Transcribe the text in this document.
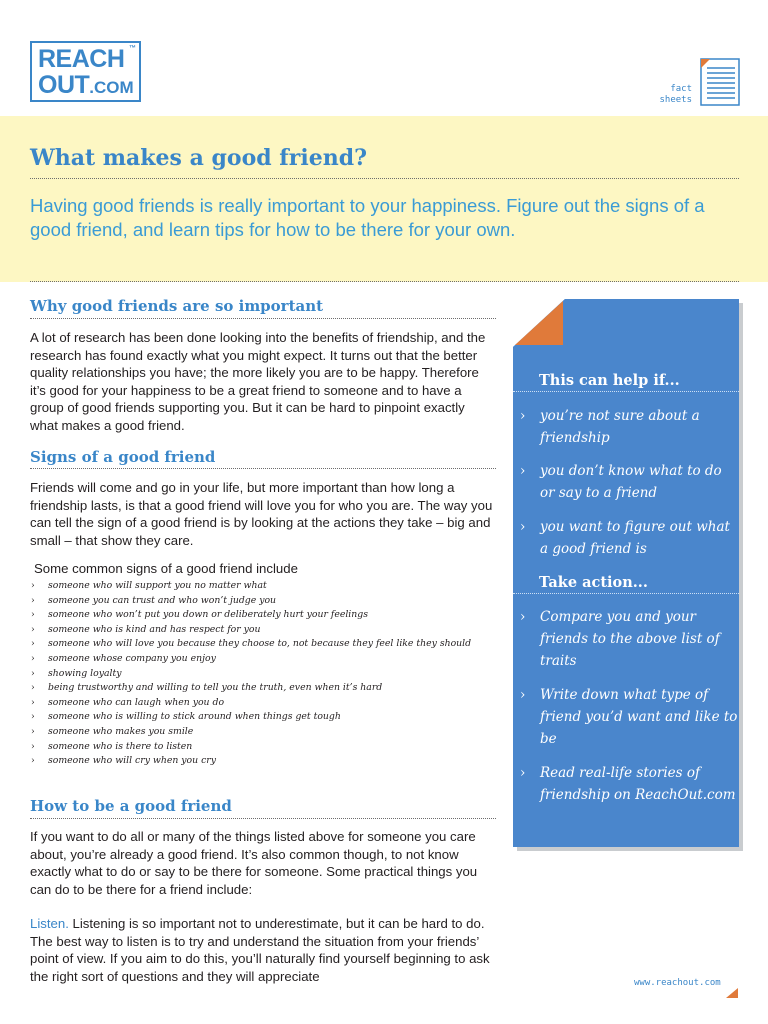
REACH ™
OUT.COM	fact
sheets
What makes a good friend?

Having good friends is really important to your happiness. Figure out the signs of a good friend, and learn tips for how to be there for your own.

Why good friends are so important

A lot of research has been done looking into the benefits of friendship, and the research has found exactly what you might expect. It turns out that the better quality relationships you have; the more likely you are to be happy. Therefore it’s good for your happiness to be a great friend to someone and to have a group of good friends supporting you. But it can be hard to pinpoint exactly what makes a good friend.

Signs of a good friend

Friends will come and go in your life, but more important than how long a friendship lasts, is that a good friend will love you for who you are. The way you can tell the sign of a good friend is by looking at the actions they take – big and small – that show they care.

Some common signs of a good friend include

› someone who will support you no matter what
› someone you can trust and who won’t judge you
› someone who won’t put you down or deliberately hurt your feelings
› someone who is kind and has respect for you
› someone who will love you because they choose to, not because they feel like they should
› someone whose company you enjoy
› showing loyalty
› being trustworthy and willing to tell you the truth, even when it’s hard
› someone who can laugh when you do
› someone who is willing to stick around when things get tough
› someone who makes you smile
› someone who is there to listen
› someone who will cry when you cry
How to be a good friend

If you want to do all or many of the things listed above for someone you care about, you’re already a good friend. It’s also common though, to not know exactly what to do or say to be there for someone. Some practical things you can do to be there for a friend include:

Listen. Listening is so important not to underestimate, but it can be hard to do. The best way to listen is to try and understand the situation from your friends’ point of view. If you aim to do this, you’ll naturally find yourself beginning to ask the right sort of questions and they will appreciate

This can help if...

› you’re not sure about a friendship

› you don’t know what to do or say to a friend

› you want to figure out what a good friend is

Take action...

› Compare you and your friends to the above list of traits

› Write down what type of friend you’d want and like to be

› Read real-life stories of friendship on ReachOut.com

www.reachout.com
